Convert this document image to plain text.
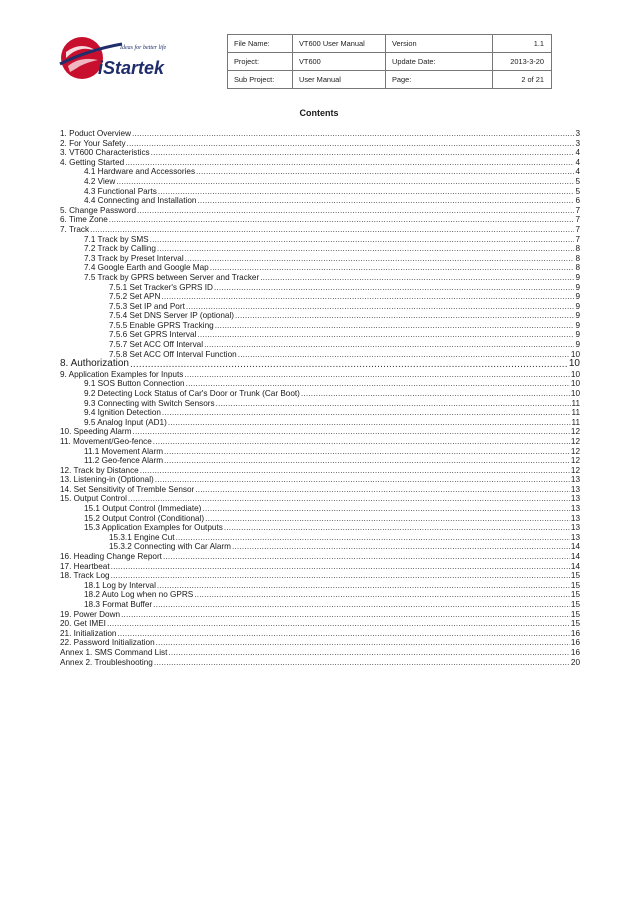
iStartek
Ideas for better life	File Name:	VT600 User Manual	Version	1.1
Project:	VT600	Update Date:	2013-3-20
Sub Project:	User Manual	Page:	2 of 21
Contents
1. Poduct Overview .....	3
2. For Your Safety .....	3
3. VT600 Characteristics .....	4
4. Getting Started .....	4
4.1 Hardware and Accessories .....	4
4.2 View .....	5
4.3 Functional Parts .....	5
4.4 Connecting and Installation .....	6
5. Change Password .....	7
6. Time Zone .....	7
7. Track .....	7
7.1 Track by SMS .....	7
7.2 Track by Calling .....	8
7.3 Track by Preset Interval .....	8
7.4 Google Earth and Google Map .....	8
7.5 Track by GPRS between Server and Tracker .....	9
7.5.1 Set Tracker's GPRS ID .....	9
7.5.2 Set APN .....	9
7.5.3 Set IP and Port .....	9
7.5.4 Set DNS Server IP (optional) .....	9
7.5.5 Enable GPRS Tracking .....	9
7.5.6 Set GPRS Interval .....	9
7.5.7 Set ACC Off Interval .....	9
7.5.8 Set ACC Off Interval Function .....	10
8. Authorization .....	10
9. Application Examples for Inputs .....	10
9.1 SOS Button Connection .....	10
9.2 Detecting Lock Status of Car's Door or Trunk (Car Boot) .....	10
9.3 Connecting with Switch Sensors .....	11
9.4 Ignition Detection .....	11
9.5 Analog Input (AD1) .....	11
10. Speeding Alarm .....	12
11. Movement/Geo-fence .....	12
11.1 Movement Alarm .....	12
11.2 Geo-fence Alarm .....	12
12. Track by Distance .....	12
13. Listening-in (Optional) .....	13
14. Set Sensitivity of Tremble Sensor .....	13
15. Output Control .....	13
15.1 Output Control (Immediate) .....	13
15.2 Output Control (Conditional) .....	13
15.3 Application Examples for Outputs .....	13
15.3.1 Engine Cut .....	13
15.3.2 Connecting with Car Alarm .....	14
16. Heading Change Report .....	14
17. Heartbeat .....	14
18. Track Log .....	15
18.1 Log by Interval .....	15
18.2 Auto Log when no GPRS .....	15
18.3 Format Buffer .....	15
19. Power Down .....	15
20. Get IMEI .....	15
21. Initialization .....	16
22. Password Initialization .....	16
Annex 1. SMS Command List .....	16
Annex 2. Troubleshooting .....	20
